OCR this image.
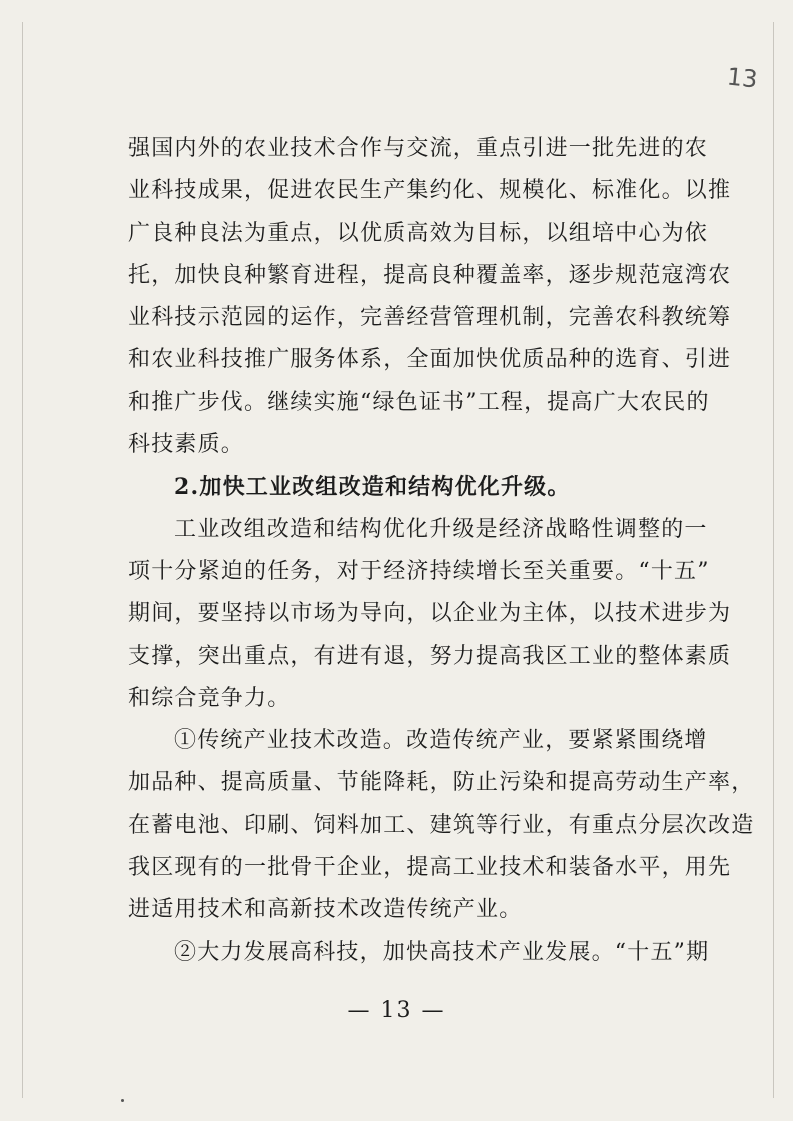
13
强国内外的农业技术合作与交流，重点引进一批先进的农
业科技成果，促进农民生产集约化、规模化、标准化。以推
广良种良法为重点，以优质高效为目标，以组培中心为依
托，加快良种繁育进程，提高良种覆盖率，逐步规范寇湾农
业科技示范园的运作，完善经营管理机制，完善农科教统筹
和农业科技推广服务体系，全面加快优质品种的选育、引进
和推广步伐。继续实施“绿色证书”工程，提高广大农民的
科技素质。
2.加快工业改组改造和结构优化升级。
工业改组改造和结构优化升级是经济战略性调整的一
项十分紧迫的任务，对于经济持续增长至关重要。“十五”
期间，要坚持以市场为导向，以企业为主体，以技术进步为
支撑，突出重点，有进有退，努力提高我区工业的整体素质
和综合竞争力。
①传统产业技术改造。改造传统产业，要紧紧围绕增
加品种、提高质量、节能降耗，防止污染和提高劳动生产率，
在蓄电池、印刷、饲料加工、建筑等行业，有重点分层次改造
我区现有的一批骨干企业，提高工业技术和装备水平，用先
进适用技术和高新技术改造传统产业。
②大力发展高科技，加快高技术产业发展。“十五”期
— 13 —
